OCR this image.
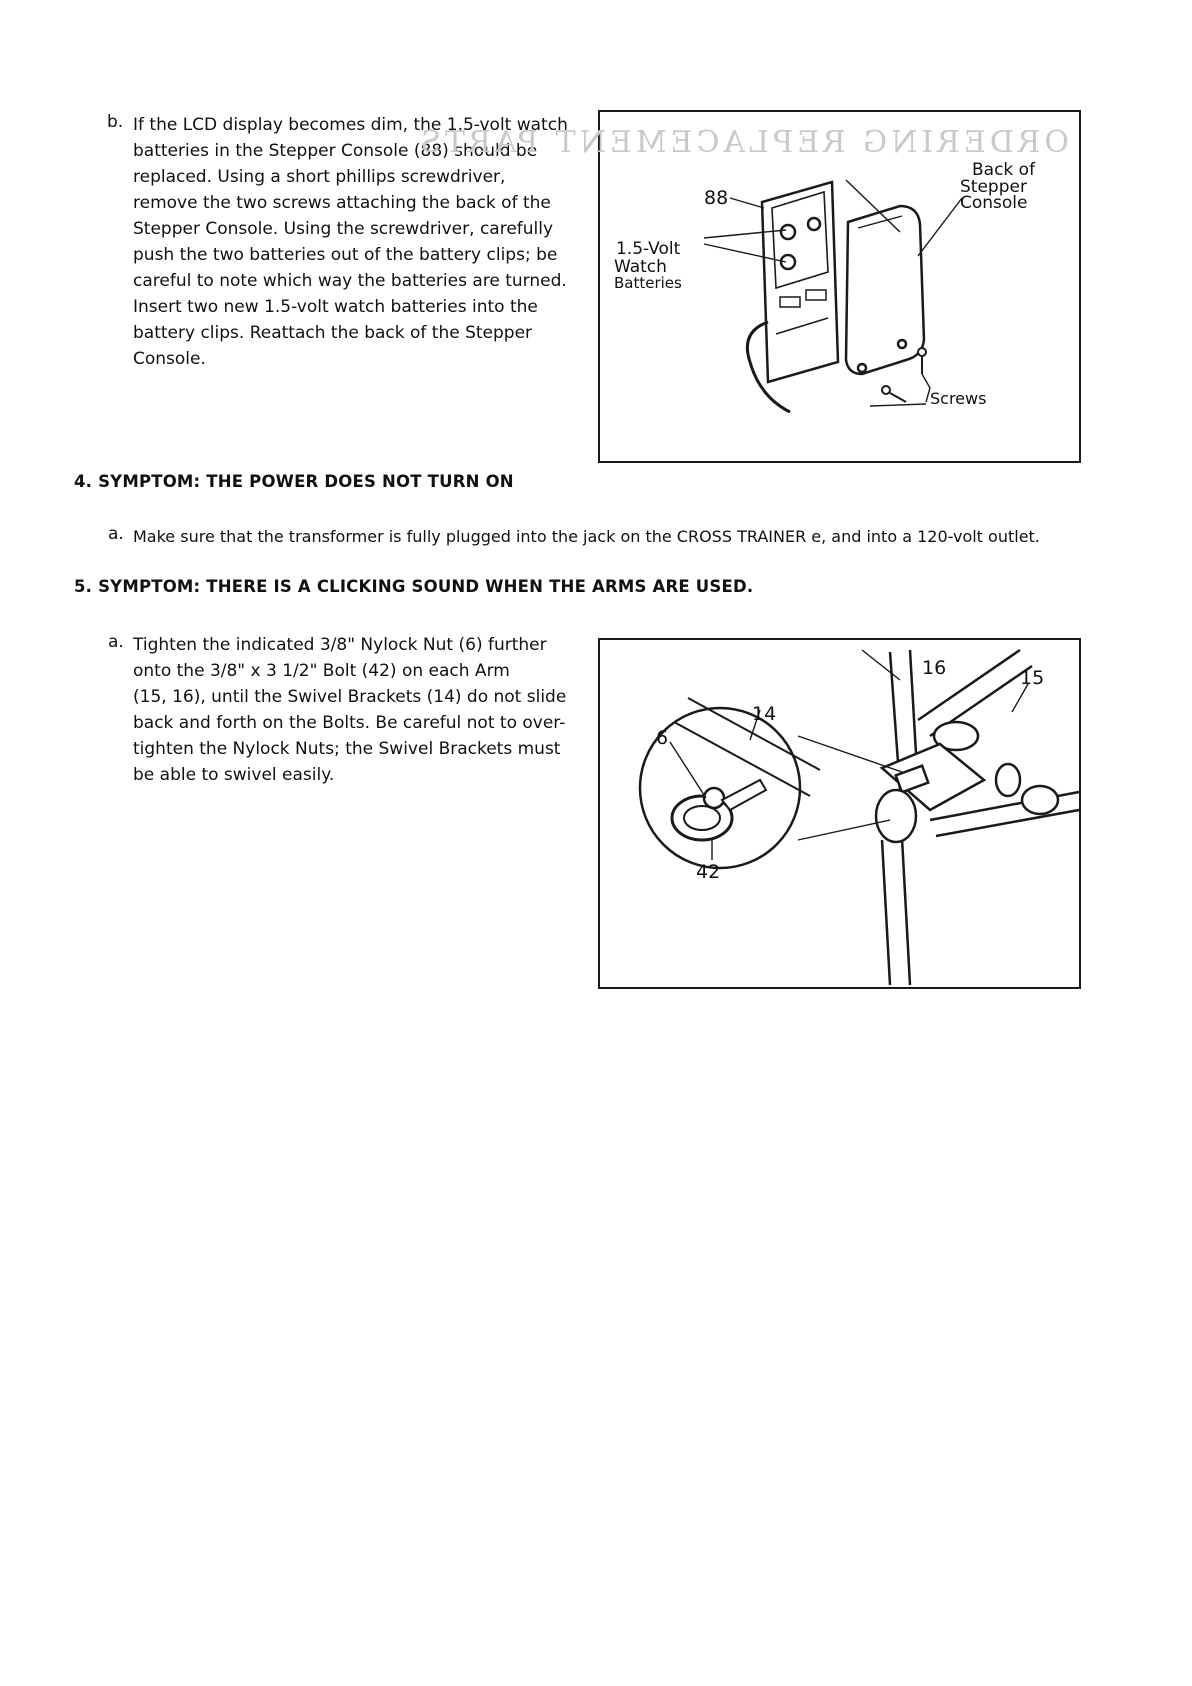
b. If the LCD display becomes dim, the 1.5-volt watch
batteries in the Stepper Console (88) should be
replaced. Using a short phillips screwdriver,
remove the two screws attaching the back of the
Stepper Console. Using the screwdriver, carefully
push the two batteries out of the battery clips; be
careful to note which way the batteries are turned.
Insert two new 1.5-volt watch batteries into the
battery clips. Reattach the back of the Stepper
Console.
ORDERING REPLACEMENT PARTS
Back of
Stepper
Console
88
1.5-Volt
Watch
Batteries
Screws
4. SYMPTOM: THE POWER DOES NOT TURN ON
a. Make sure that the transformer is fully plugged into the jack on the CROSS TRAINER e, and into a 120-volt outlet.
5. SYMPTOM: THERE IS A CLICKING SOUND WHEN THE ARMS ARE USED.
a. Tighten the indicated 3/8" Nylock Nut (6) further
onto the 3/8" x 3 1/2" Bolt (42) on each Arm
(15, 16), until the Swivel Brackets (14) do not slide
back and forth on the Bolts. Be careful not to over-
tighten the Nylock Nuts; the Swivel Brackets must
be able to swivel easily.
16	15
14
6
42
